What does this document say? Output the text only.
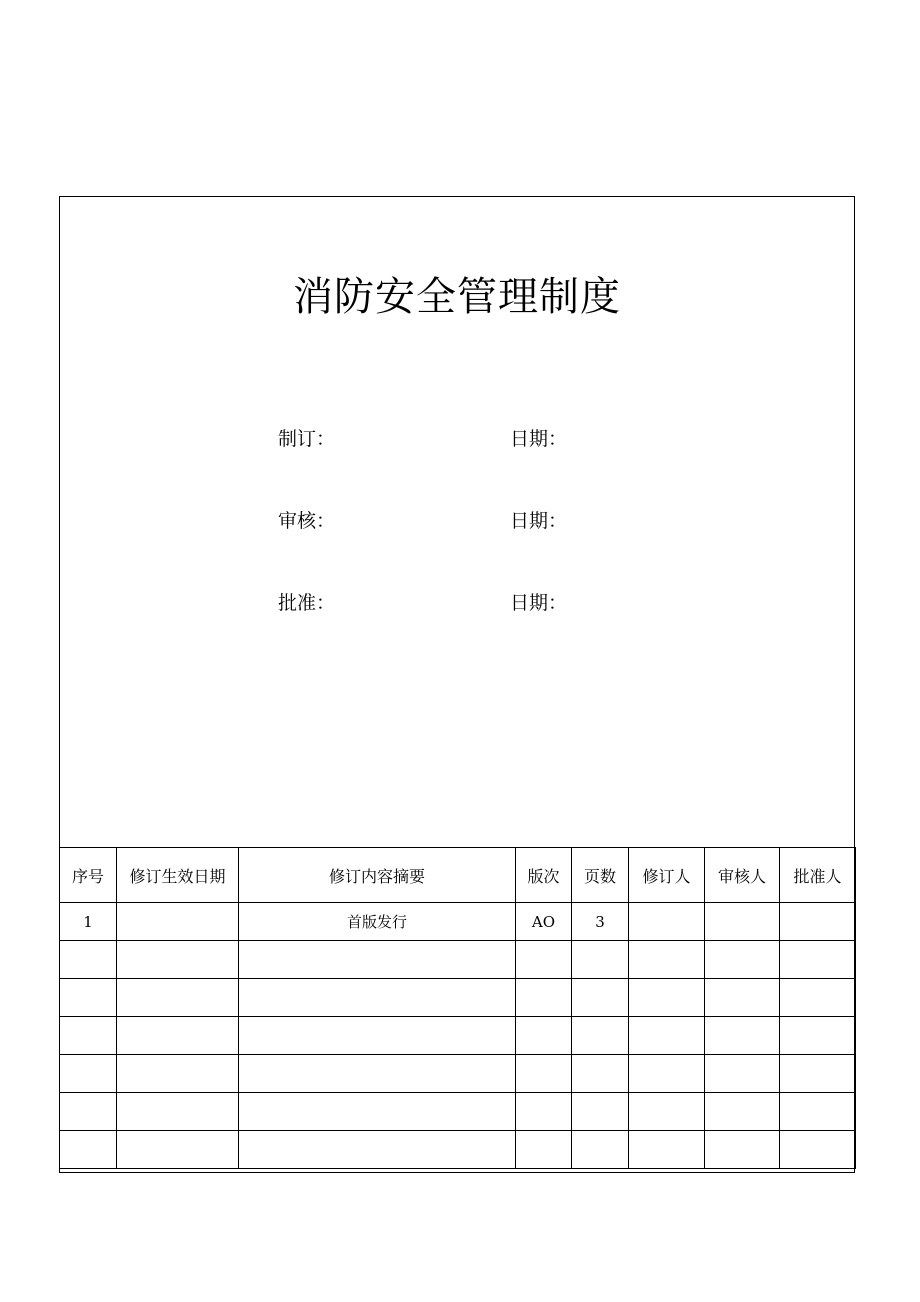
消防安全管理制度
制订：	日期：
审核：	日期：
批准：	日期：
序号	修订生效日期	修订内容摘要	版次	页数	修订人	审核人	批准人
1		首版发行	AO	3			
